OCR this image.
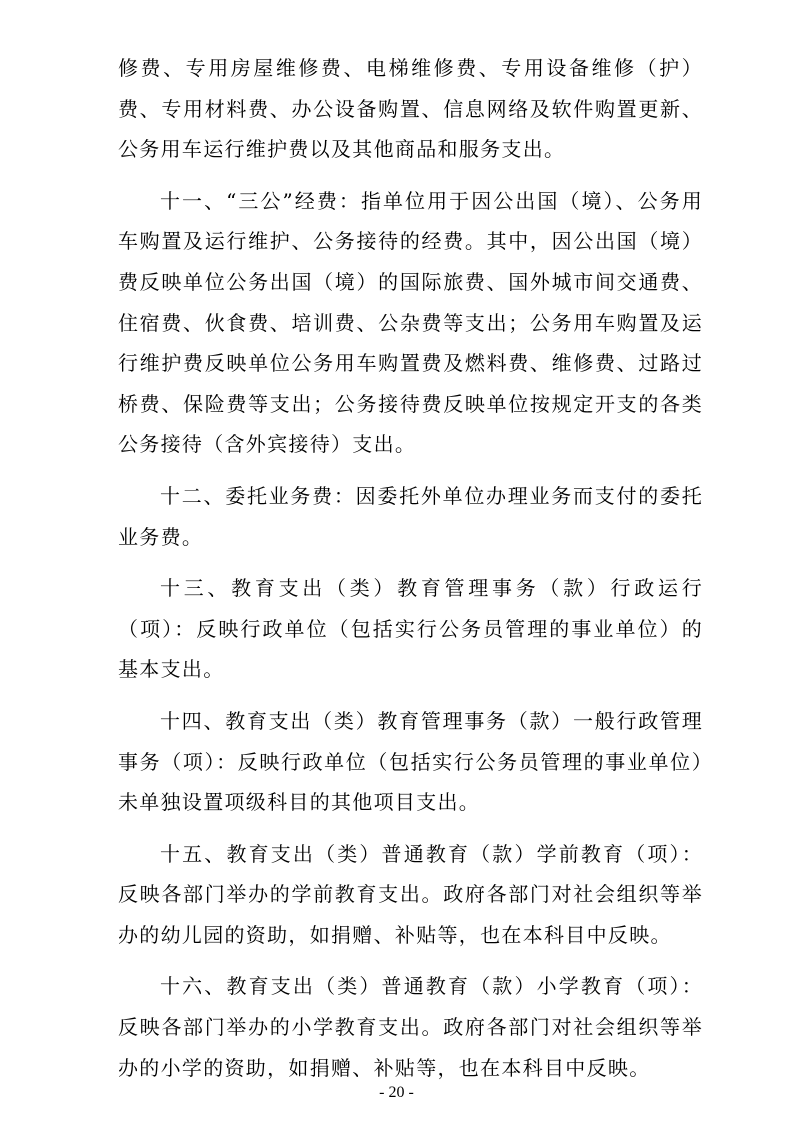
修费、专用房屋维修费、电梯维修费、专用设备维修（护）费、专用材料费、办公设备购置、信息网络及软件购置更新、公务用车运行维护费以及其他商品和服务支出。

十一、“三公”经费：指单位用于因公出国（境）、公务用车购置及运行维护、公务接待的经费。其中，因公出国（境）费反映单位公务出国（境）的国际旅费、国外城市间交通费、住宿费、伙食费、培训费、公杂费等支出；公务用车购置及运行维护费反映单位公务用车购置费及燃料费、维修费、过路过桥费、保险费等支出；公务接待费反映单位按规定开支的各类公务接待（含外宾接待）支出。

十二、委托业务费：因委托外单位办理业务而支付的委托业务费。

十三、教育支出（类）教育管理事务（款）行政运行（项）：反映行政单位（包括实行公务员管理的事业单位）的基本支出。

十四、教育支出（类）教育管理事务（款）一般行政管理事务（项）：反映行政单位（包括实行公务员管理的事业单位）未单独设置项级科目的其他项目支出。

十五、教育支出（类）普通教育（款）学前教育（项）：反映各部门举办的学前教育支出。政府各部门对社会组织等举办的幼儿园的资助，如捐赠、补贴等，也在本科目中反映。

十六、教育支出（类）普通教育（款）小学教育（项）：反映各部门举办的小学教育支出。政府各部门对社会组织等举办的小学的资助，如捐赠、补贴等，也在本科目中反映。

- 20 -
